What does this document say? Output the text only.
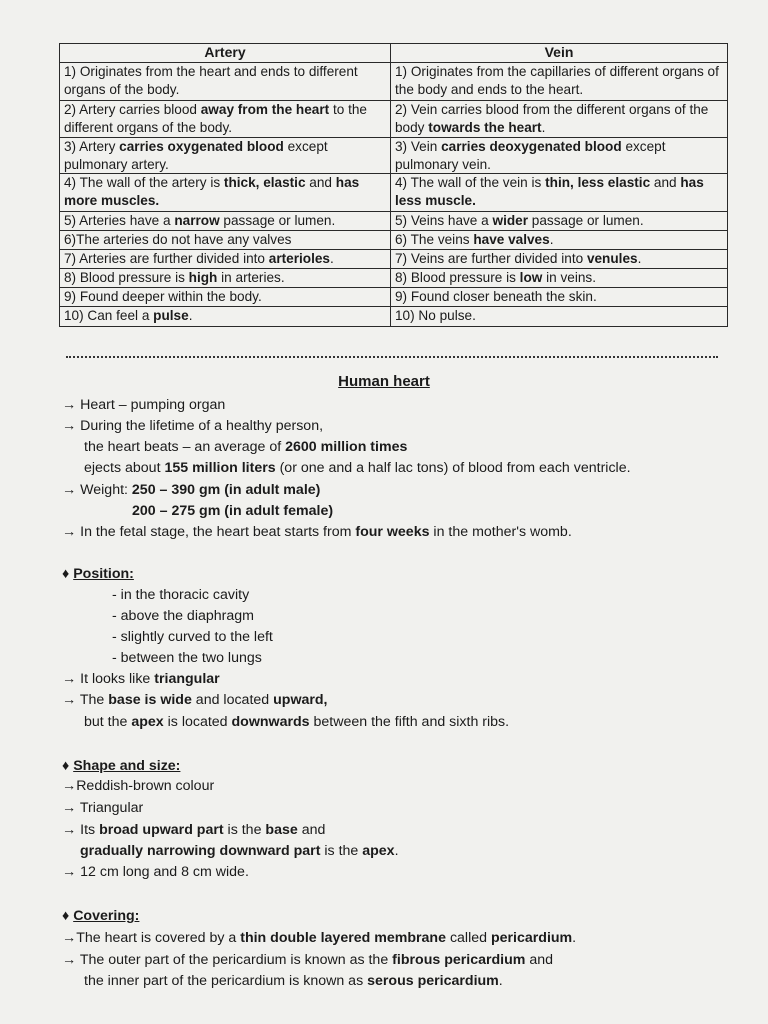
Artery	Vein
1) Originates from the heart and ends to different organs of the body.	1) Originates from the capillaries of different organs of the body and ends to the heart.
2) Artery carries blood away from the heart to the different organs of the body.	2) Vein carries blood from the different organs of the body towards the heart.
3) Artery carries oxygenated blood except pulmonary artery.	3) Vein carries deoxygenated blood except pulmonary vein.
4) The wall of the artery is thick, elastic and has more muscles.	4) The wall of the vein is thin, less elastic and has less muscle.
5) Arteries have a narrow passage or lumen.	5) Veins have a wider passage or lumen.
6)The arteries do not have any valves	6) The veins have valves.
7) Arteries are further divided into arterioles.	7) Veins are further divided into venules.
8) Blood pressure is high in arteries.	8) Blood pressure is low in veins.
9) Found deeper within the body.	9) Found closer beneath the skin.
10) Can feel a pulse.	10) No pulse.
Human heart
→ Heart – pumping organ
→ During the lifetime of a healthy person,
the heart beats – an average of 2600 million times
ejects about 155 million liters (or one and a half lac tons) of blood from each ventricle.
→ Weight: 250 – 390 gm (in adult male)
200 – 275 gm (in adult female)
→ In the fetal stage, the heart beat starts from four weeks in the mother's womb.
♦ Position:
- in the thoracic cavity
- above the diaphragm
- slightly curved to the left
- between the two lungs
→ It looks like triangular
→ The base is wide and located upward,
but the apex is located downwards between the fifth and sixth ribs.
♦ Shape and size:
→Reddish-brown colour
→ Triangular
→ Its broad upward part is the base and
gradually narrowing downward part is the apex.
→ 12 cm long and 8 cm wide.
♦ Covering:
→The heart is covered by a thin double layered membrane called pericardium.
→ The outer part of the pericardium is known as the fibrous pericardium and
the inner part of the pericardium is known as serous pericardium.
